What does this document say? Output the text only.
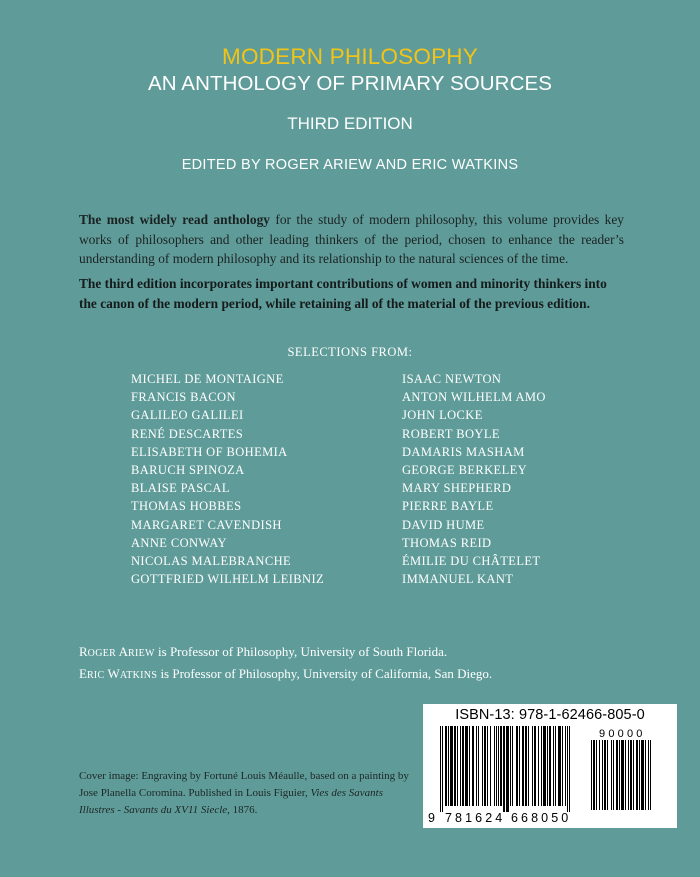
MODERN PHILOSOPHY
AN ANTHOLOGY OF PRIMARY SOURCES
THIRD EDITION
EDITED BY ROGER ARIEW AND ERIC WATKINS
The most widely read anthology for the study of modern philosophy, this volume provides key works of philosophers and other leading thinkers of the period, chosen to enhance the reader’s understanding of modern philosophy and its relationship to the natural sciences of the time.
The third edition incorporates important contributions of women and minority thinkers into the canon of the modern period, while retaining all of the material of the previous edition.
SELECTIONS FROM:
MICHEL DE MONTAIGNE
FRANCIS BACON
GALILEO GALILEI
RENÉ DESCARTES
ELISABETH OF BOHEMIA
BARUCH SPINOZA
BLAISE PASCAL
THOMAS HOBBES
MARGARET CAVENDISH
ANNE CONWAY
NICOLAS MALEBRANCHE
GOTTFRIED WILHELM LEIBNIZ
ISAAC NEWTON
ANTON WILHELM AMO
JOHN LOCKE
ROBERT BOYLE
DAMARIS MASHAM
GEORGE BERKELEY
MARY SHEPHERD
PIERRE BAYLE
DAVID HUME
THOMAS REID
ÉMILIE DU CHÂTELET
IMMANUEL KANT
ROGER ARIEW is Professor of Philosophy, University of South Florida.
ERIC WATKINS is Professor of Philosophy, University of California, San Diego.
Cover image: Engraving by Fortuné Louis Méaulle, based on a painting by Jose Planella Coromina. Published in Louis Figuier, Vies des Savants Illustres - Savants du XV11 Siecle, 1876.
ISBN-13: 978-1-62466-805-0
90000
9 781624 668050
